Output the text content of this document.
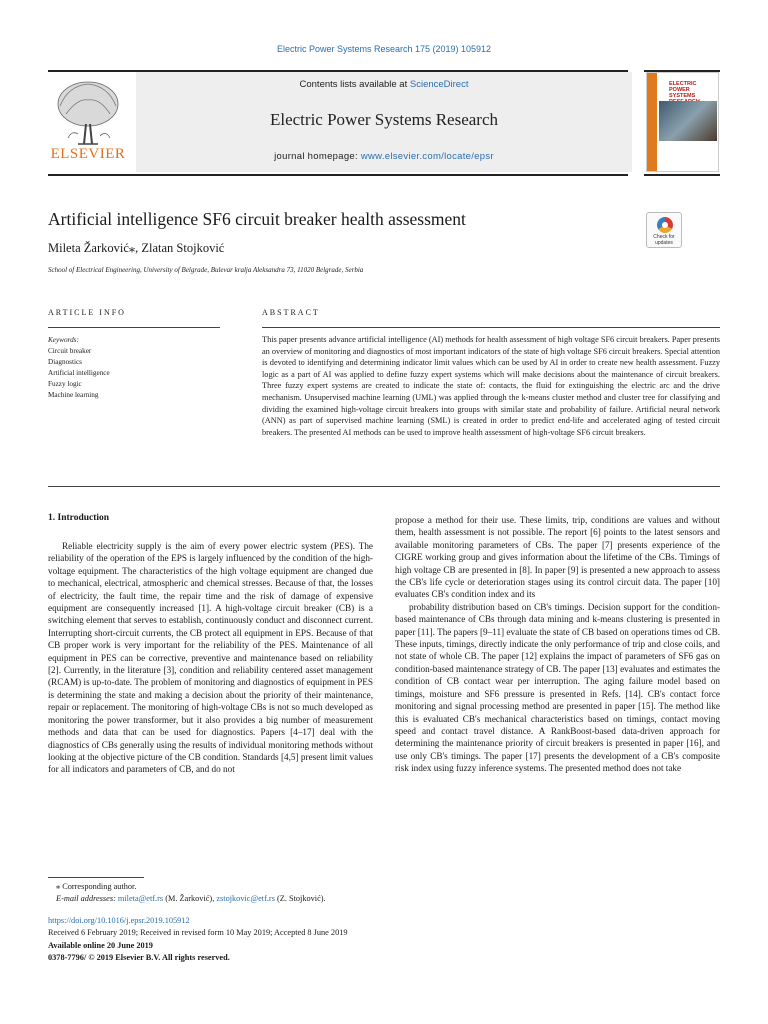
Electric Power Systems Research 175 (2019) 105912
ELSEVIER
Contents lists available at ScienceDirect
Electric Power Systems Research
journal homepage: www.elsevier.com/locate/epsr
ELECTRIC POWER SYSTEMS
Artificial intelligence SF6 circuit breaker health assessment
Mileta Žarković⁎, Zlatan Stojković
School of Electrical Engineering, University of Belgrade, Bulevar kralja Aleksandra 73, 11020 Belgrade, Serbia
Check for updates
ARTICLE INFO	ABSTRACT
Keywords:
Circuit breaker
Diagnostics
Artificial intelligence
Fuzzy logic
Machine learning
This paper presents advance artificial intelligence (AI) methods for health assessment of high voltage SF6 circuit breakers. Paper presents an overview of monitoring and diagnostics of most important indicators of the state of high voltage SF6 circuit breakers. Special attention is devoted to identifying and determining indicator limit values which can be used by AI in order to create new health assessment. Fuzzy logic as a part of AI was applied to define fuzzy expert systems which will make decisions about the maintenance of circuit breakers. Three fuzzy expert systems are created to indicate the state of: contacts, the fluid for extinguishing the electric arc and the drive mechanism. Unsupervised machine learning (UML) was applied through the k-means cluster method and cluster tree for classifying and dividing the examined high-voltage circuit breakers into groups with similar state and probability of failure. Artificial neural network (ANN) as part of supervised machine learning (SML) is created in order to predict end-life and accelerated aging of tested circuit breakers. The presented AI methods can be used to improve health assessment of high-voltage SF6 circuit breakers.
1. Introduction

Reliable electricity supply is the aim of every power electric system (PES). The reliability of the operation of the EPS is largely influenced by the condition of the high-voltage equipment. The characteristics of the high voltage equipment are changed due to mechanical, electrical, atmospheric and chemical stresses. Because of that, the losses of electricity, the fault time, the repair time and the risk of damage of expensive equipment are consequently increased [1]. A high-voltage circuit breaker (CB) is a switching element that serves to establish, continuously conduct and disconnect current. Interrupting short-circuit currents, the CB protect all equipment in EPS. Because of that CB proper work is very important for the reliability of the PES. Maintenance of all equipment in PES can be corrective, preventive and maintenance based on reliability [2]. Currently, in the literature [3], condition and reliability centered asset management (RCAM) is up-to-date. The problem of monitoring and diagnostics of equipment in PES is determining the state and making a decision about the priority of their maintenance, repair or replacement. The monitoring of high-voltage CBs is not so much developed as monitoring the power transformer, but it also provides a big number of measurement methods and data that can be used for diagnostics. Papers [4–17] deal with the diagnostics of CBs generally using the results of individual monitoring methods without looking at the objective picture of the CB condition. Standards [4,5] present limit values for all indicators and parameters of CB, and do not

propose a method for their use. These limits, trip, conditions are values and without them, health assessment is not possible. The report [6] points to the latest sensors and available monitoring parameters of CBs. The paper [7] presents experience of the CIGRE working group and gives information about the lifetime of the CBs. Timings of high voltage CB are presented in [8]. In paper [9] is presented a new approach to assess the CB's life cycle or deterioration stages using its control circuit data. The paper [10] evaluates CB's condition index and its

probability distribution based on CB's timings. Decision support for the condition-based maintenance of CBs through data mining and k-means clustering is presented in paper [11]. The papers [9–11] evaluate the state of CB based on operations times od CB. These inputs, timings, directly indicate the only performance of trip and close coils, and not state of whole CB. The paper [12] explains the impact of parameters of SF6 gas on condition-based maintenance strategy of CB. The paper [13] evaluates and estimates the condition of CB contact wear per interruption. The aging failure model based on timings, moisture and SF6 pressure is presented in Refs. [14]. CB's contact force monitoring and signal processing method are presented in paper [15]. The method like this is evaluated CB's mechanical characteristics based on timings, contact moving speed and contact travel distance. A RankBoost-based data-driven approach for determining the maintenance priority of circuit breakers is presented in paper [16], and use only CB's timings. The paper [17] presents the development of a CB's composite risk index using fuzzy inference systems. The presented method does not take

⁎ Corresponding author.
E-mail addresses: mileta@etf.rs (M. Žarković), zstojkovic@etf.rs (Z. Stojković).
https://doi.org/10.1016/j.epsr.2019.105912
Received 6 February 2019; Received in revised form 10 May 2019; Accepted 8 June 2019
Available online 20 June 2019
0378-7796/ © 2019 Elsevier B.V. All rights reserved.
